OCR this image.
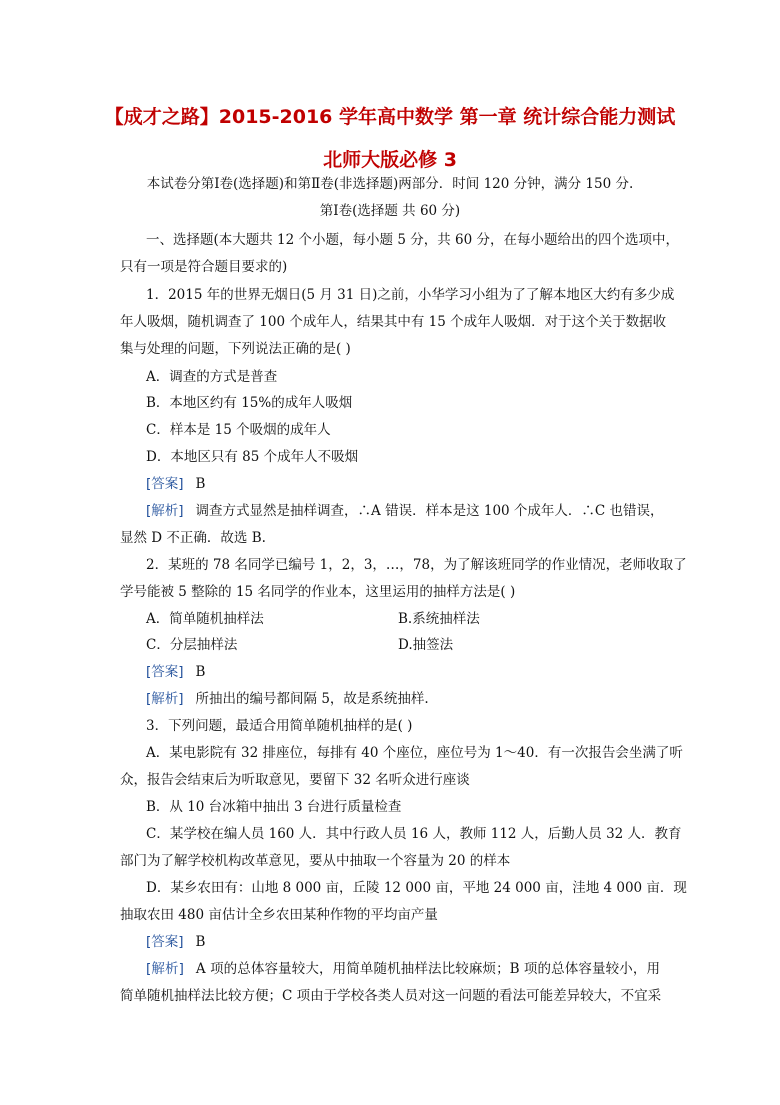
【成才之路】2015-2016 学年高中数学 第一章 统计综合能力测试
北师大版必修 3
本试卷分第Ⅰ卷(选择题)和第Ⅱ卷(非选择题)两部分．时间 120 分钟，满分 150 分.
第Ⅰ卷(选择题 共 60 分)
一、选择题(本大题共 12 个小题，每小题 5 分，共 60 分，在每小题给出的四个选项中，
只有一项是符合题目要求的)
1．2015 年的世界无烟日(5 月 31 日)之前，小华学习小组为了了解本地区大约有多少成
年人吸烟，随机调查了 100 个成年人，结果其中有 15 个成年人吸烟．对于这个关于数据收
集与处理的问题，下列说法正确的是( )
A．调查的方式是普查
B．本地区约有 15%的成年人吸烟
C．样本是 15 个吸烟的成年人
D．本地区只有 85 个成年人不吸烟
[答案] B
[解析] 调查方式显然是抽样调查，∴A 错误．样本是这 100 个成年人．∴C 也错误，
显然 D 不正确．故选 B.
2．某班的 78 名同学已编号 1，2，3，…，78，为了解该班同学的作业情况，老师收取了
学号能被 5 整除的 15 名同学的作业本，这里运用的抽样方法是( )
A．简单随机抽样法	B.系统抽样法
C．分层抽样法	D.抽签法
[答案] B
[解析] 所抽出的编号都间隔 5，故是系统抽样.
3．下列问题，最适合用简单随机抽样的是( )
A．某电影院有 32 排座位，每排有 40 个座位，座位号为 1～40．有一次报告会坐满了听
众，报告会结束后为听取意见，要留下 32 名听众进行座谈
B．从 10 台冰箱中抽出 3 台进行质量检查
C．某学校在编人员 160 人．其中行政人员 16 人，教师 112 人，后勤人员 32 人．教育
部门为了解学校机构改革意见，要从中抽取一个容量为 20 的样本
D．某乡农田有：山地 8 000 亩，丘陵 12 000 亩，平地 24 000 亩，洼地 4 000 亩．现
抽取农田 480 亩估计全乡农田某种作物的平均亩产量
[答案] B
[解析] A 项的总体容量较大，用简单随机抽样法比较麻烦；B 项的总体容量较小，用
简单随机抽样法比较方便；C 项由于学校各类人员对这一问题的看法可能差异较大，不宜采
